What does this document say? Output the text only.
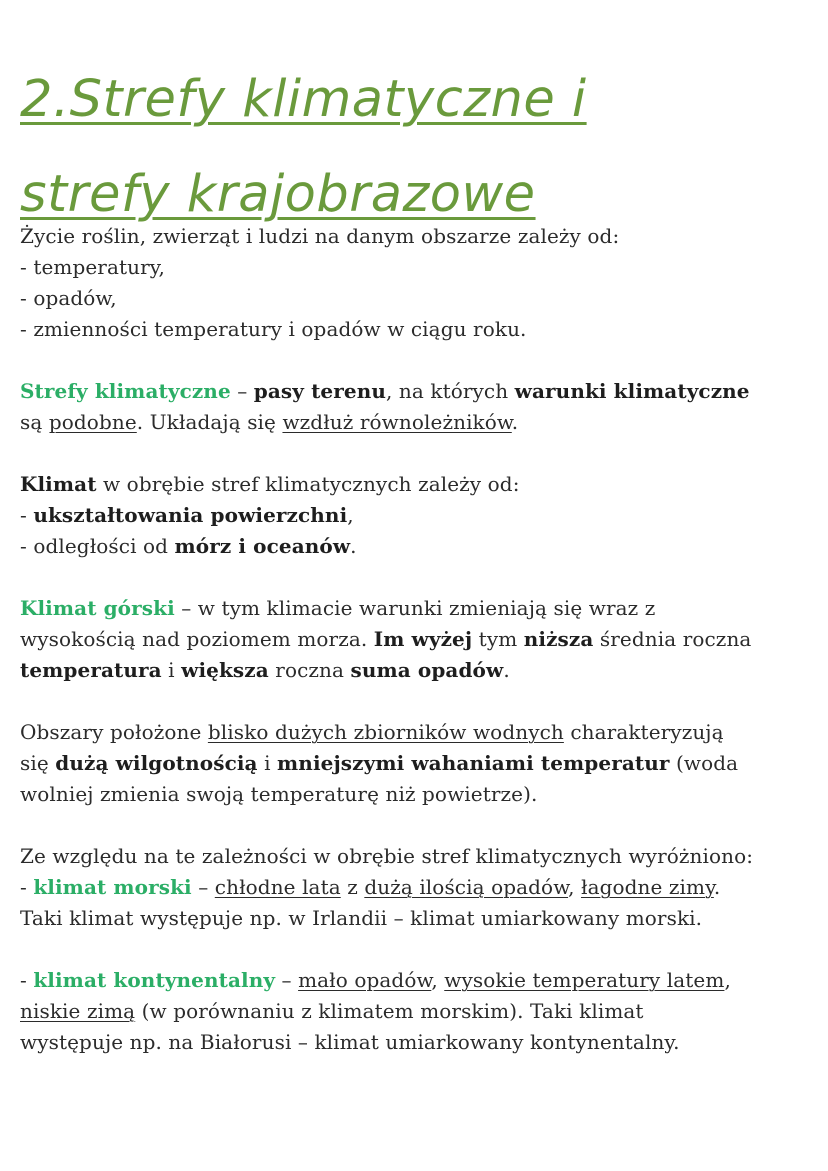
2.Strefy klimatyczne i
strefy krajobrazowe

Życie roślin, zwierząt i ludzi na danym obszarze zależy od:
- temperatury,
- opadów,
- zmienności temperatury i opadów w ciągu roku.

Strefy klimatyczne – pasy terenu, na których warunki klimatyczne
są podobne. Układają się wzdłuż równoleżników.

Klimat w obrębie stref klimatycznych zależy od:
- ukształtowania powierzchni,
- odległości od mórz i oceanów.

Klimat górski – w tym klimacie warunki zmieniają się wraz z
wysokością nad poziomem morza. Im wyżej tym niższa średnia roczna
temperatura i większa roczna suma opadów.

Obszary położone blisko dużych zbiorników wodnych charakteryzują
się dużą wilgotnością i mniejszymi wahaniami temperatur (woda
wolniej zmienia swoją temperaturę niż powietrze).

Ze względu na te zależności w obrębie stref klimatycznych wyróżniono:
- klimat morski – chłodne lata z dużą ilością opadów, łagodne zimy.
Taki klimat występuje np. w Irlandii – klimat umiarkowany morski.

- klimat kontynentalny – mało opadów, wysokie temperatury latem,
niskie zimą (w porównaniu z klimatem morskim). Taki klimat
występuje np. na Białorusi – klimat umiarkowany kontynentalny.
